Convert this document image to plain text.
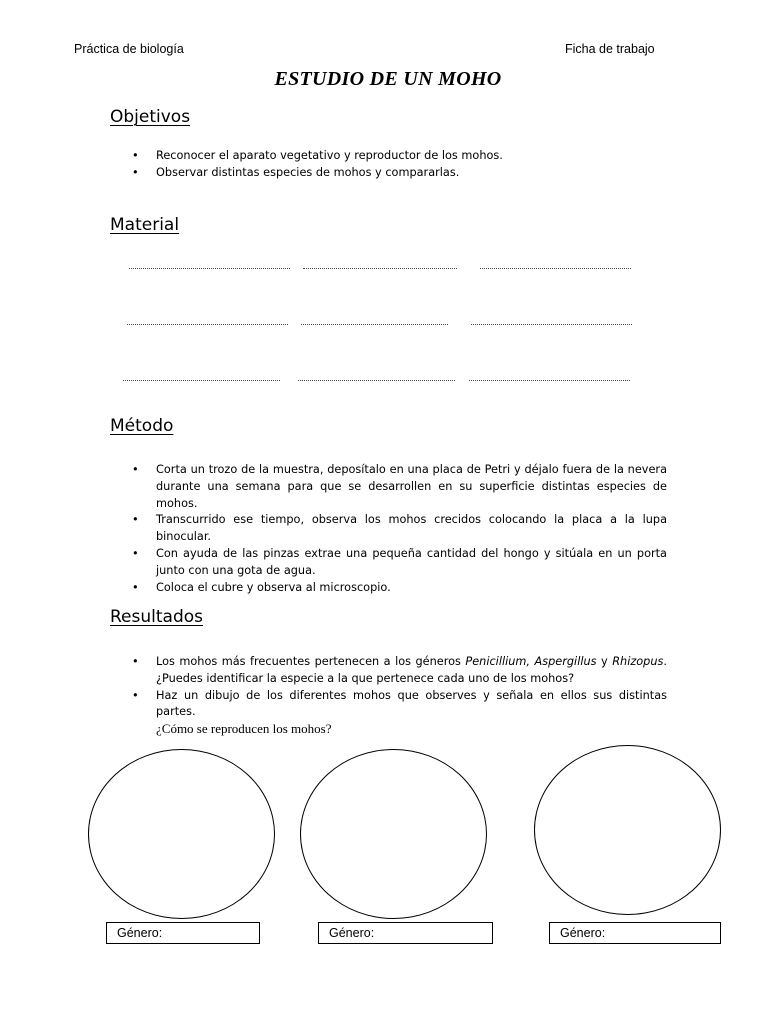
Práctica de biología	Ficha de trabajo
ESTUDIO DE UN MOHO
Objetivos
• Reconocer el aparato vegetativo y reproductor de los mohos.
• Observar distintas especies de mohos y compararlas.
Material
Método
• Corta un trozo de la muestra, deposítalo en una placa de Petri y déjalo fuera de la nevera durante una semana para que se desarrollen en su superficie distintas especies de mohos.
• Transcurrido ese tiempo, observa los mohos crecidos colocando la placa a la lupa binocular.
• Con ayuda de las pinzas extrae una pequeña cantidad del hongo y sitúala en un porta junto con una gota de agua.
• Coloca el cubre y observa al microscopio.
Resultados
• Los mohos más frecuentes pertenecen a los géneros Penicillium, Aspergillus y Rhizopus. ¿Puedes identificar la especie a la que pertenece cada uno de los mohos?
• Haz un dibujo de los diferentes mohos que observes y señala en ellos sus distintas partes.
¿Cómo se reproducen los mohos?
Género:	Género:	Género:
